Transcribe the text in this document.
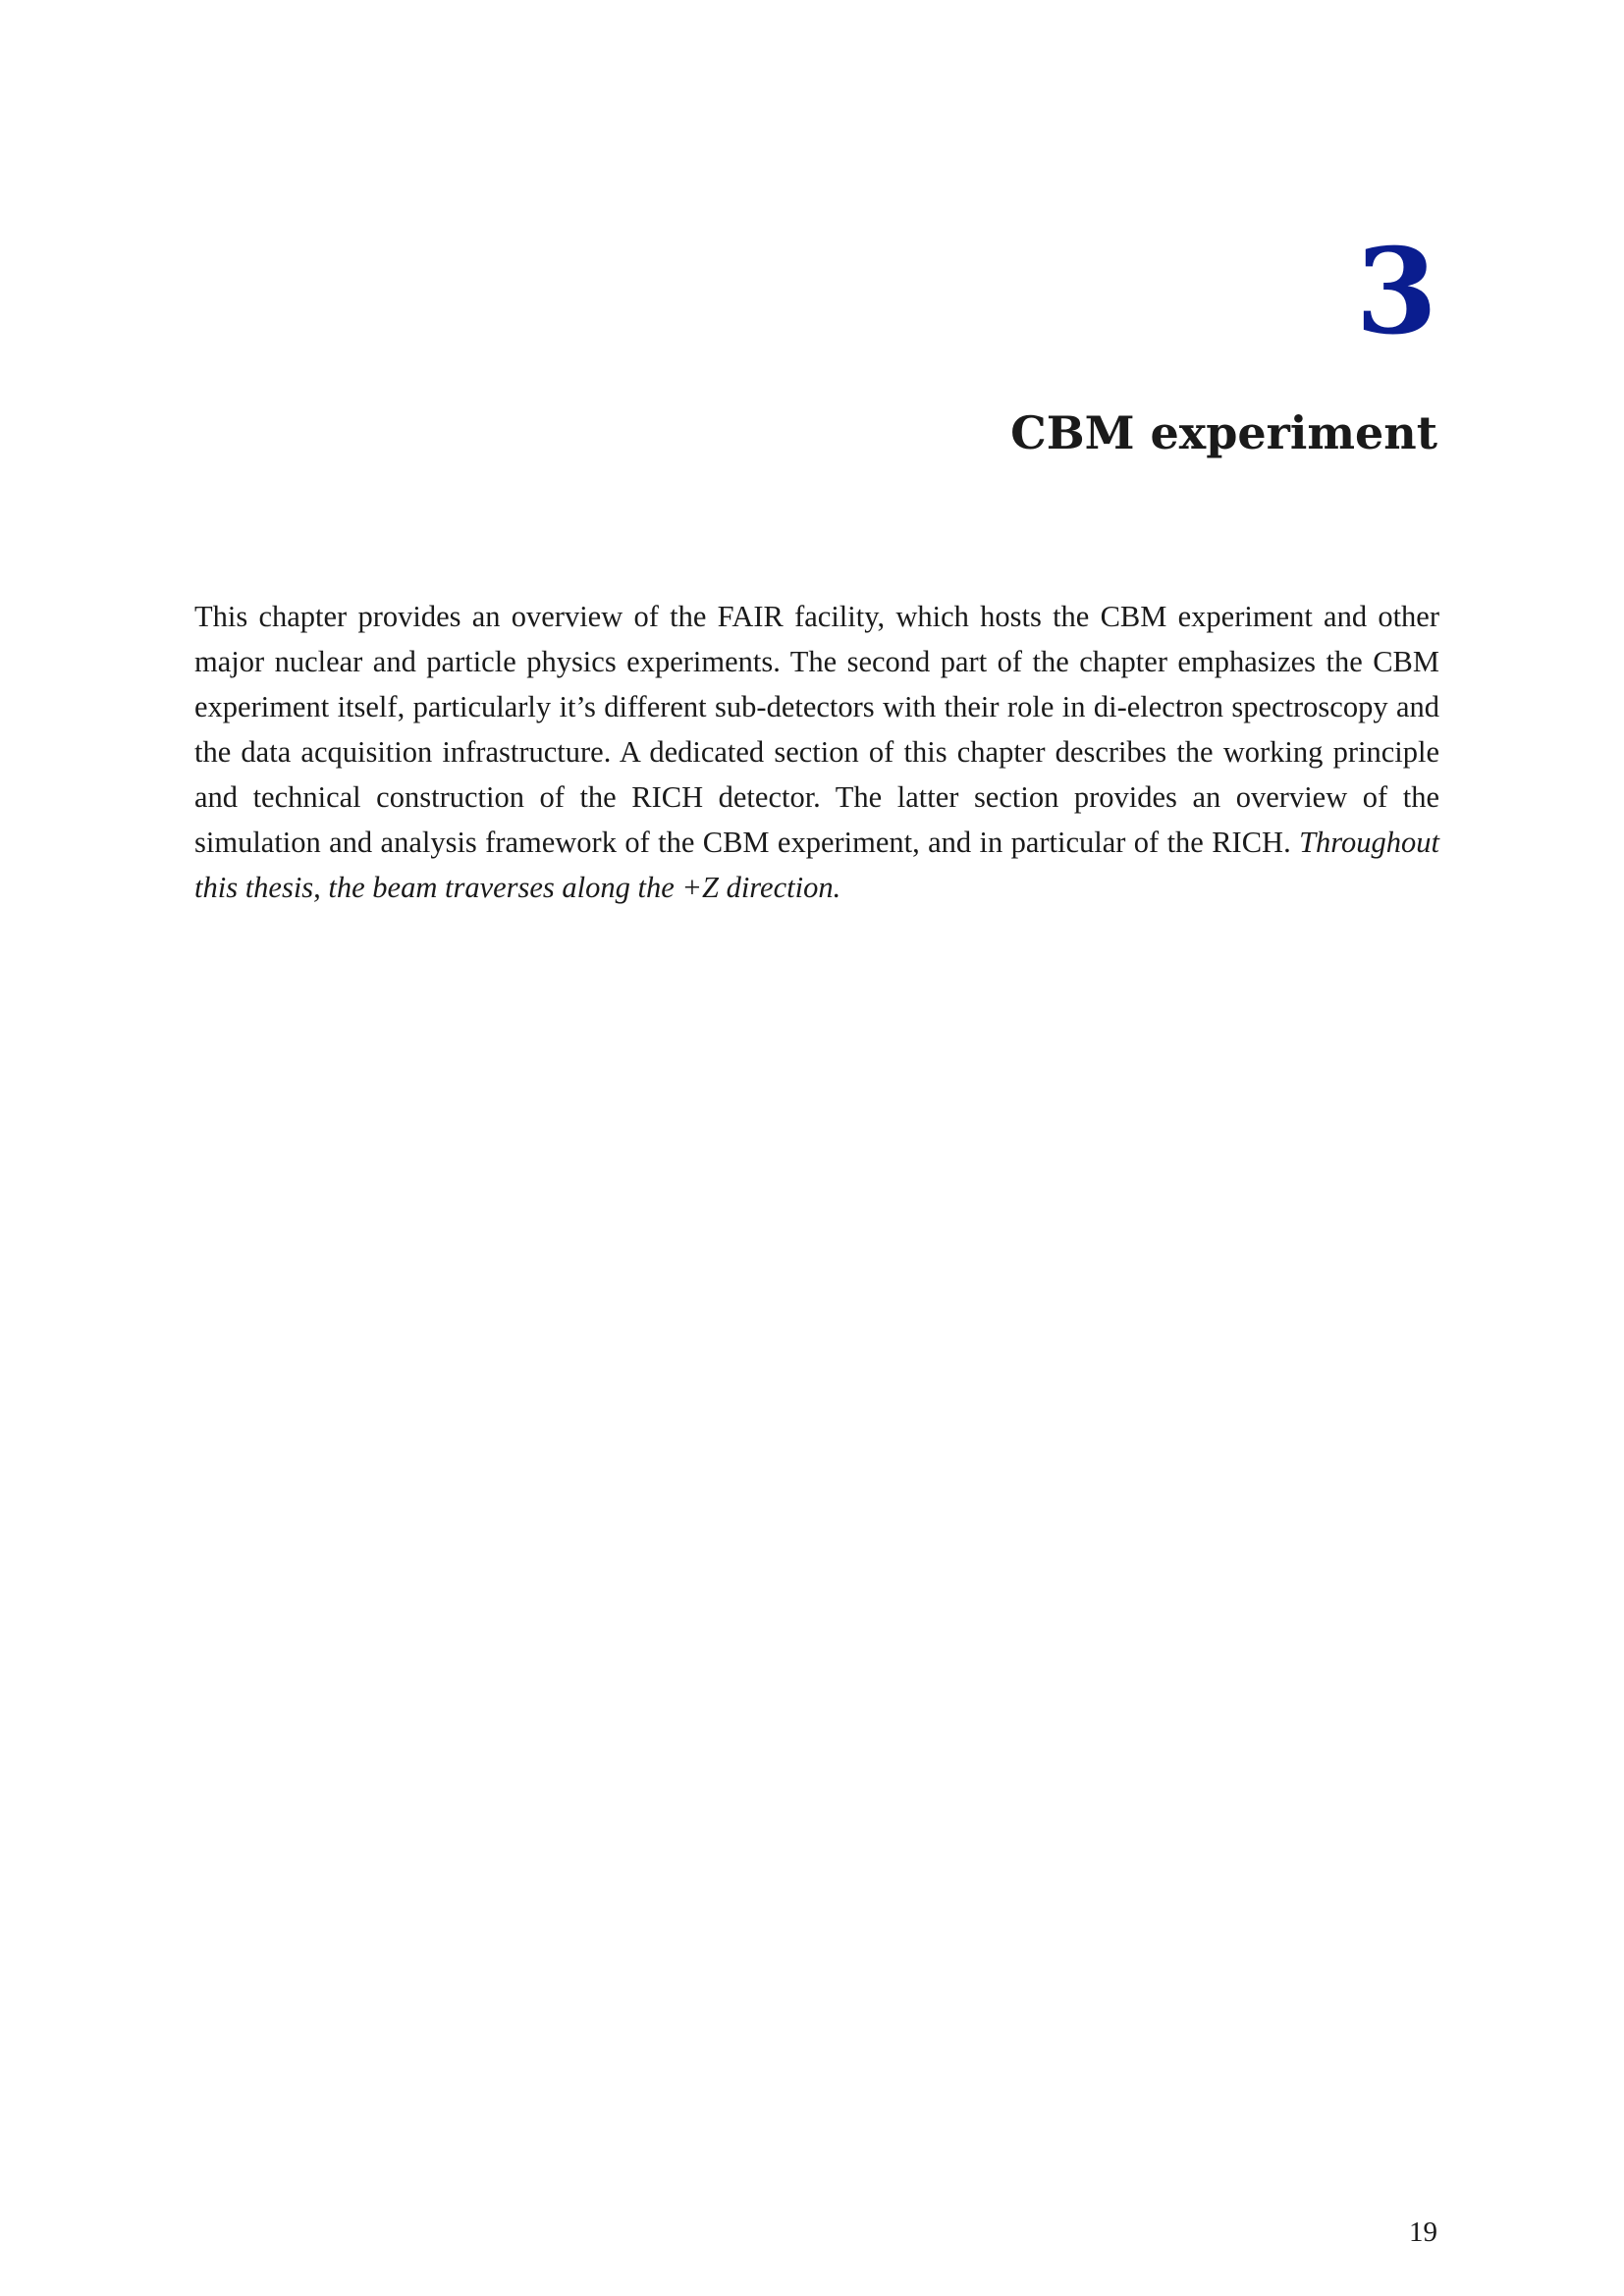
3
CBM experiment

This chapter provides an overview of the FAIR facility, which hosts the CBM experiment and other major nuclear and particle physics experiments. The second part of the chapter emphasizes the CBM experiment itself, particularly it’s different sub-detectors with their role in di-electron spectroscopy and the data acquisition infrastructure. A dedicated section of this chapter describes the working principle and technical construction of the RICH detector. The latter section provides an overview of the simulation and analysis framework of the CBM experiment, and in particular of the RICH. Throughout this thesis, the beam traverses along the +Z direction.

19
